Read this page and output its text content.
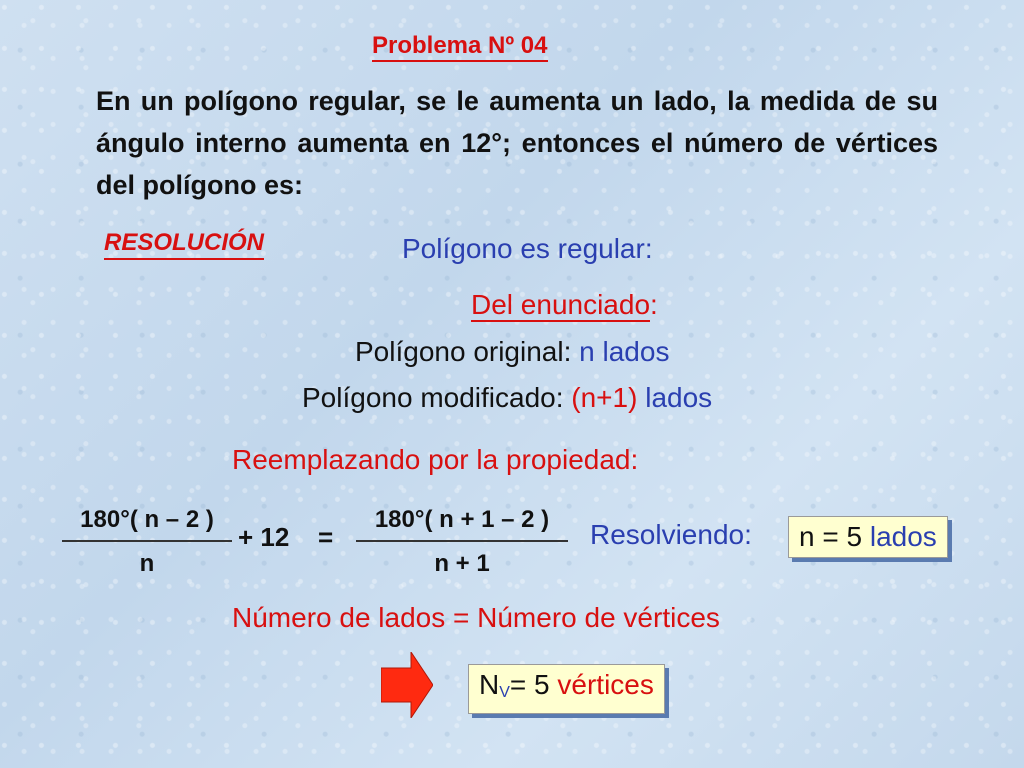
Problema Nº 04
En un polígono regular, se le aumenta un lado, la medida de su ángulo interno aumenta en 12°; entonces el número de vértices del polígono es:
RESOLUCIÓN	Polígono es regular:
Del enunciado:
Polígono original: n lados
Polígono modificado: (n+1) lados
Reemplazando por la propiedad:
180°( n – 2 )
n
+ 12 =
180°( n + 1 – 2 )
n + 1
Resolviendo:	n = 5 lados
Número de lados = Número de vértices
$N_V= 5$ vértices
